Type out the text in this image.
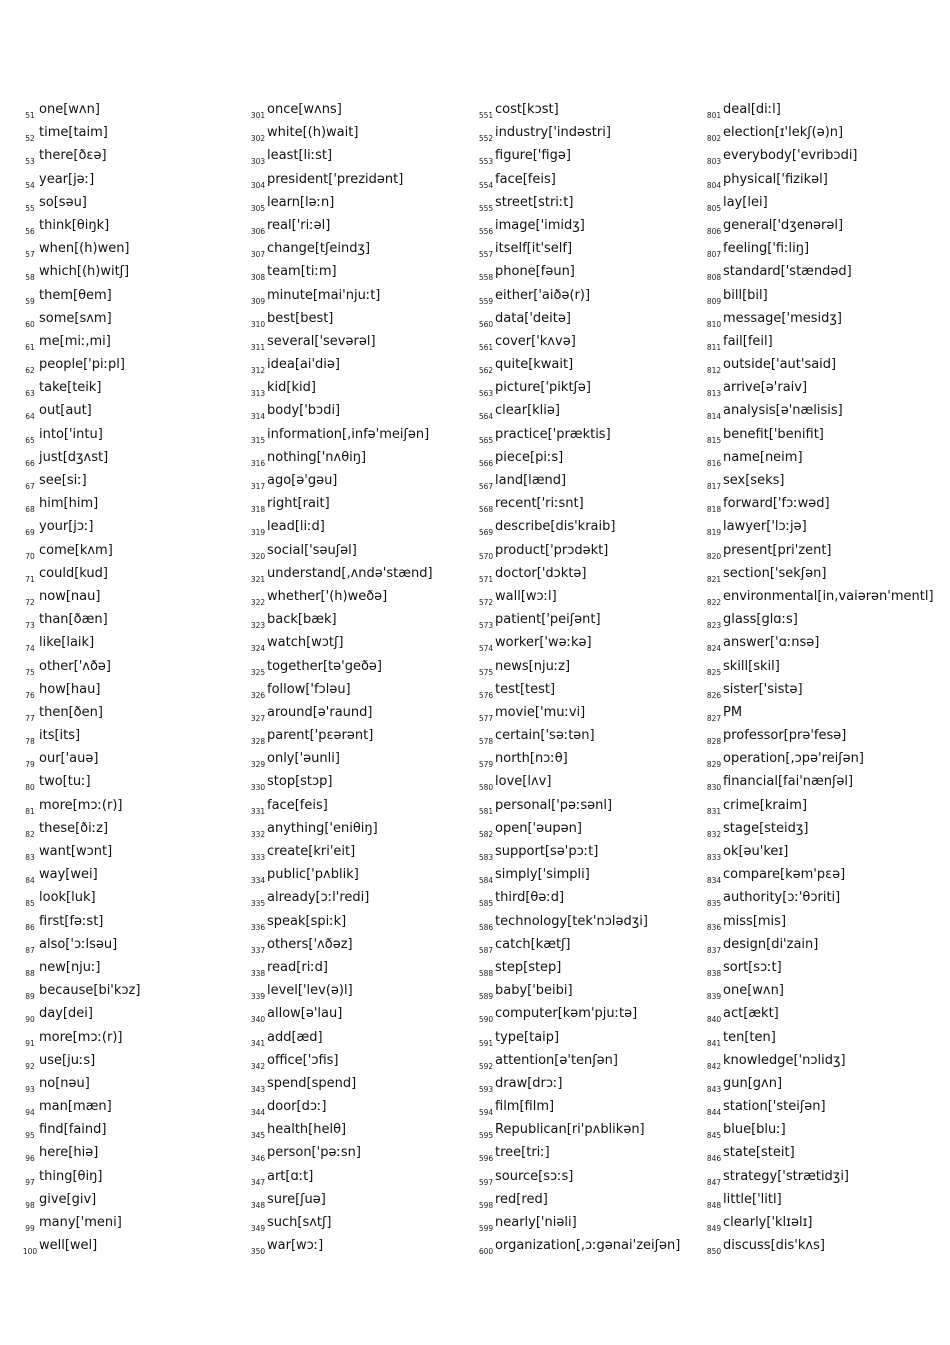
51 one[wʌn]
52 time[taim]
53 there[ðɛə]
54 year[jəː]
55 so[səu]
56 think[θiŋk]
57 when[(h)wen]
58 which[(h)witʃ]
59 them[θem]
60 some[sʌm]
61 me[miː,mi]
62 people['piːpl]
63 take[teik]
64 out[aut]
65 into['intu]
66 just[dʒʌst]
67 see[siː]
68 him[him]
69 your[jɔː]
70 come[kʌm]
71 could[kud]
72 now[nau]
73 than[ðæn]
74 like[laik]
75 other['ʌðə]
76 how[hau]
77 then[ðen]
78 its[its]
79 our['auə]
80 two[tuː]
81 more[mɔː(r)]
82 these[ðiːz]
83 want[wɔnt]
84 way[wei]
85 look[luk]
86 first[fəːst]
87 also['ɔːlsəu]
88 new[njuː]
89 because[bi'kɔz]
90 day[dei]
91 more[mɔː(r)]
92 use[juːs]
93 no[nəu]
94 man[mæn]
95 find[faind]
96 here[hiə]
97 thing[θiŋ]
98 give[giv]
99 many['meni]
100 well[wel]
301 once[wʌns]
302 white[(h)wait]
303 least[liːst]
304 president['prezidənt]
305 learn[ləːn]
306 real['riːəl]
307 change[tʃeindʒ]
308 team[tiːm]
309 minute[mai'njuːt]
310 best[best]
311 several['sevərəl]
312 idea[ai'diə]
313 kid[kid]
314 body['bɔdi]
315 information[,infə'meiʃən]
316 nothing['nʌθiŋ]
317 ago[ə'gəu]
318 right[rait]
319 lead[liːd]
320 social['səuʃəl]
321 understand[,ʌndə'stænd]
322 whether['(h)weðə]
323 back[bæk]
324 watch[wɔtʃ]
325 together[tə'geðə]
326 follow['fɔləu]
327 around[ə'raund]
328 parent['pɛərənt]
329 only['əunli]
330 stop[stɔp]
331 face[feis]
332 anything['eniθiŋ]
333 create[kri'eit]
334 public['pʌblik]
335 already[ɔːl'redi]
336 speak[spiːk]
337 others['ʌðəz]
338 read[riːd]
339 level['lev(ə)l]
340 allow[ə'lau]
341 add[æd]
342 office['ɔfis]
343 spend[spend]
344 door[dɔː]
345 health[helθ]
346 person['pəːsn]
347 art[ɑːt]
348 sure[ʃuə]
349 such[sʌtʃ]
350 war[wɔː]
551 cost[kɔst]
552 industry['indəstri]
553 figure['figə]
554 face[feis]
555 street[striːt]
556 image['imidʒ]
557 itself[it'self]
558 phone[fəun]
559 either['aiðə(r)]
560 data['deitə]
561 cover['kʌvə]
562 quite[kwait]
563 picture['piktʃə]
564 clear[kliə]
565 practice['præktis]
566 piece[piːs]
567 land[lænd]
568 recent['riːsnt]
569 describe[dis'kraib]
570 product['prɔdəkt]
571 doctor['dɔktə]
572 wall[wɔːl]
573 patient['peiʃənt]
574 worker['wəːkə]
575 news[njuːz]
576 test[test]
577 movie['muːvi]
578 certain['səːtən]
579 north[nɔːθ]
580 love[lʌv]
581 personal['pəːsənl]
582 open['əupən]
583 support[sə'pɔːt]
584 simply['simpli]
585 third[θəːd]
586 technology[tek'nɔlədʒi]
587 catch[kætʃ]
588 step[step]
589 baby['beibi]
590 computer[kəm'pjuːtə]
591 type[taip]
592 attention[ə'tenʃən]
593 draw[drɔː]
594 film[film]
595 Republican[ri'pʌblikən]
596 tree[triː]
597 source[sɔːs]
598 red[red]
599 nearly['niəli]
600 organization[,ɔːgənai'zeiʃən]
801 deal[diːl]
802 election[ɪ'lekʃ(ə)n]
803 everybody['evribɔdi]
804 physical['fizikəl]
805 lay[lei]
806 general['dʒenərəl]
807 feeling['fiːliŋ]
808 standard['stændəd]
809 bill[bil]
810 message['mesidʒ]
811 fail[feil]
812 outside['aut'said]
813 arrive[ə'raiv]
814 analysis[ə'nælisis]
815 benefit['benifit]
816 name[neim]
817 sex[seks]
818 forward['fɔːwəd]
819 lawyer['lɔːjə]
820 present[pri'zent]
821 section['sekʃən]
822 environmental[in,vaiərən'mentl]
823 glass[glɑːs]
824 answer['ɑːnsə]
825 skill[skil]
826 sister['sistə]
827 PM
828 professor[prə'fesə]
829 operation[,ɔpə'reiʃən]
830 financial[fai'nænʃəl]
831 crime[kraim]
832 stage[steidʒ]
833 ok[əu'keɪ]
834 compare[kəm'pɛə]
835 authority[ɔː'θɔriti]
836 miss[mis]
837 design[di'zain]
838 sort[sɔːt]
839 one[wʌn]
840 act[ækt]
841 ten[ten]
842 knowledge['nɔlidʒ]
843 gun[gʌn]
844 station['steiʃən]
845 blue[bluː]
846 state[steit]
847 strategy['strætidʒi]
848 little['litl]
849 clearly['klɪəlɪ]
850 discuss[dis'kʌs]
